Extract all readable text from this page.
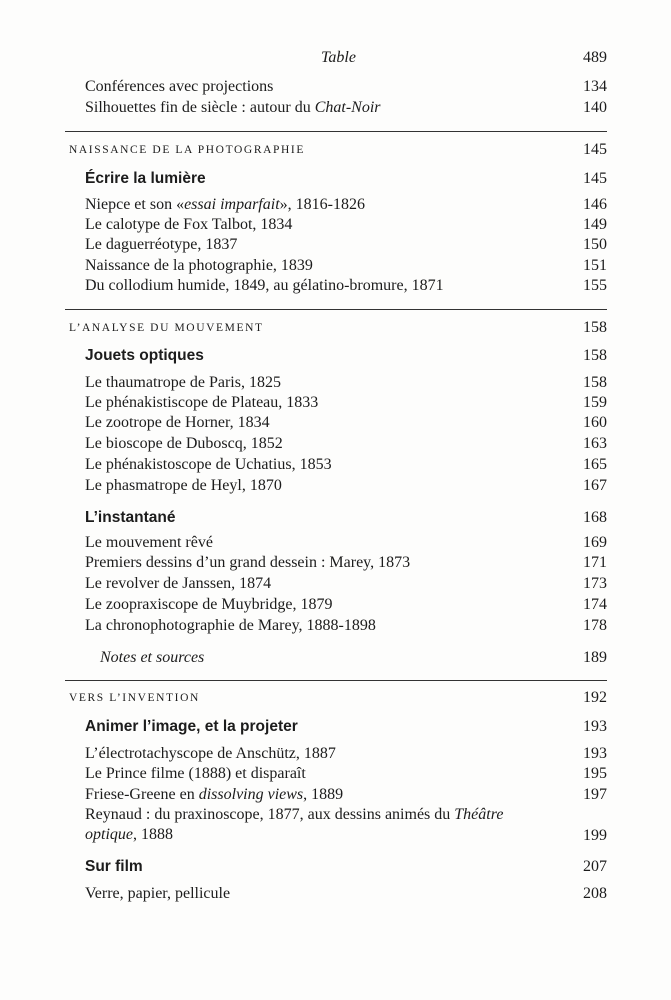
Table	489
Conférences avec projections	134
Silhouettes fin de siècle : autour du Chat-Noir	140
NAISSANCE DE LA PHOTOGRAPHIE	145
Écrire la lumière	145
Niepce et son «essai imparfait», 1816-1826	146
Le calotype de Fox Talbot, 1834	149
Le daguerréotype, 1837	150
Naissance de la photographie, 1839	151
Du collodium humide, 1849, au gélatino-bromure, 1871	155
L’ANALYSE DU MOUVEMENT	158
Jouets optiques	158
Le thaumatrope de Paris, 1825	158
Le phénakistiscope de Plateau, 1833	159
Le zootrope de Horner, 1834	160
Le bioscope de Duboscq, 1852	163
Le phénakistoscope de Uchatius, 1853	165
Le phasmatrope de Heyl, 1870	167
L’instantané	168
Le mouvement rêvé	169
Premiers dessins d’un grand dessein : Marey, 1873	171
Le revolver de Janssen, 1874	173
Le zoopraxiscope de Muybridge, 1879	174
La chronophotographie de Marey, 1888-1898	178
Notes et sources	189
VERS L’INVENTION	192
Animer l’image, et la projeter	193
L’électrotachyscope de Anschütz, 1887	193
Le Prince filme (1888) et disparaît	195
Friese-Greene en dissolving views, 1889	197
Reynaud : du praxinoscope, 1877, aux dessins animés du Théâtre optique, 1888	199
Sur film	207
Verre, papier, pellicule	208
